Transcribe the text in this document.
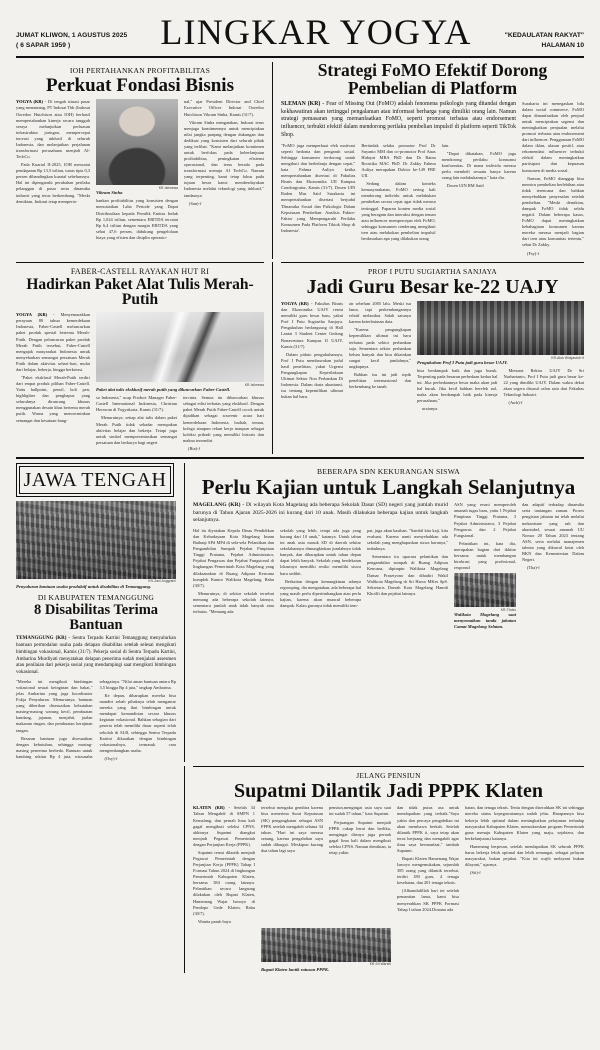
JUMAT KLIWON, 1 AGUSTUS 2025
( 6 SAPAR 1959 )	LINGKAR YOGYA	"KEDAULATAN RAKYAT"
HALAMAN 10
IOH PERTAHANKAN PROFITABILITAS
Perkuat Fondasi Bisnis

YOGYA (KR) - Di tengah situasi pasar yang menantang, PT Indosat Tbk (Indosat Ooredoo Hutchison atau IOH) berhasil mempertahankan kinerja secara tangguh seraya melanjutkan perluasan infrastruktur jaringan, mempercepat inovasi yang inklusif di seluruh Indonesia, dan melanjutkan perjalanan transformasi perusahaan menjadi AI-TechCo.

Pada Kuartal II-2025, IOH mencatat pendapatan Rp 13,5 triliun, turun tipis 0,3 persen dibandingkan kuartal sebelumnya. Hal ini dipengaruhi perubahan perilaku pelanggan di pasar serta dinamika industri yang terus berkembang. "Meski demikian, Indosat tetap memperta-

KR-Istimewa
Vikram Sinha

hankan profitabilitas yang konsisten dengan mencatatkan Laba Periode yang Dapat Distribusikan kepada Pemilik Entitas Induk Rp 1,024 triliun, sementara EBITDA tercatat Rp 6,4 triliun dengan margin EBITDA yang sehat 47,6 persen, didukung pengelolaan biaya yang efisien dan disiplin operasio-

nal," ujar President Director and Chief Executive Officer Indosat Ooredoo Hutchison Vikram Sinha, Kamis (31/7).

Vikram Sinha mengatakan, Indosat terus menjaga komitmennya untuk menciptakan nilai jangka panjang dengan dukungan dan dedikasi yang konsisten dari seluruh pihak yang terlibat. "Kami melanjutkan komitmen untuk berfokus pada keberlanjutan profitabilitas, peningkatan efisiensi operasional, dan terus berada pada transformasi menuju AI TechCo. Namun yang terpenting, kami tetap fokus pada tujuan besar kami: memberdayakan Indonesia melalui teknologi yang inklusif," tandasnya.

(San)-f

Strategi FoMO Efektif Dorong Pembelian di Platform
SLEMAN (KR) - Fear of Missing Out (FoMO) adalah fenomena psikologis yang ditandai dengan kekhawatiran akan tertinggal pengalaman atau informasi berharga yang dimiliki orang lain. Namun strategi pemasaran yang memanfaatkan FoMO, seperti promosi terbatas atau endorsement influencer, terbukti efektif dalam mendorong perilaku pembelian impulsif di platform seperti TikTok Shop.

"FoMO juga memperkuat efek motivasi seperti hedonia dan pengaruh sosial. Sehingga konsumen terdorong untuk mengikuti dan berbelanja dengan cepat," kata Fahma Auliya ketika mempertahankan disertasi di Fakultas Bisnis dan Ekonomika UII Kampus Condongcatur, Kamis (31/7). Dosen UIN Raden Mas Said Surakarta ini mempertahankan disertasi berjudul 'Dinamika Sosial dan Psikologis Dalam Keputusan Pembelian: Analisis Faktor-Faktor yang Mempengaruhi Perilaku Konsumen Pada Platform Tiktok Shop di Indonesia'.

Bertindak selaku promotor Prof Dr Suyanto MM dan co-promotor Prof Anas Hidayat MBA PhD dan Dr Ratna Roostika MAC PhD. Dr Zakky Fahma Auliya merupakan Doktor ke-149 FBE UII.

Sedang dalam konteks kemasyarakatan, FoMO sering kali mendorong individu untuk melakukan pembelian secara cepat agar tidak merasa tertinggal. Paparan konten media sosial yang beragam dan interaksi dengan teman atau influencer mempercepat efek FoMO, sehingga konsumen cenderung mengikuti tren atau melakukan pembelian impulsif berdasarkan apa yang dilakukan orang

lain.

"Dapat dikatakan, FoMO juga mendorong perilaku konsumsi konformitas. Di mana individu merasa perlu membeli sesuatu hanya karena orang lain melakukannya," kata dia.

Dosen UIN RM Said

Surakarta ini menegaskan bila dalam social commerce, FoMO dapat dimanfaatkan oleh penjual untuk menciptakan urgensi dan meningkatkan penjualan melalui promosi terbatas atau endorsement dari influencer. Penggunaan FoMO dalam iklan, ulasan positif, atau rekomendasi influencer terbukti efektif dalam meningkatkan partisipasi dan kepuasan konsumen di media sosial.

Namun, FoMO dianggap bisa memicu pembelian berlebihan atau tidak terencana dan bahkan menyebabkan penyesalan setelah pembelian. "Meski demikian, dampak FoMO tidak selalu negatif. Dalam beberapa kasus, FoMO dapat meningkatkan kebahagiaan konsumen karena mereka merasa menjadi bagian dari tren atau komunitas tertentu," sebut Dr Zakky.

(Fsy)-f

FABER-CASTELL RAYAKAN HUT RI
Hadirkan Paket Alat Tulis Merah-Putih

YOGYA (KR) - Menyemarakkan perayaan 80 tahun kemerdekaan Indonesia, Faber-Castell meluncurkan paket produk spesial bertema Merah-Putih. Dengan peluncuran paket produk Merah Putih tersebut, Faber-Castell mengajak masyarakat Indonesia untuk menyebarkan semangat persatuan Merah Putih dalam aktivitas sehari-hari, mulai dari belajar, bekerja, hingga berkreasi.

"Paket eksklusif Merah-Putih terdiri dari empat produk pilihan Faber-Castell. Yaitu ballpoint, pensil, boli pen, highlighter dan penghapus yang seluruhnya dirancang khusus menggunakan desain khas bertema merah putih. Warna yang mencerminkan semangat dan kesatuan bang-

KR-Istimewa
Paket alat tulis eksklusif merah putih yang diluncurkan Faber-Castell.

sa Indonesia," ucap Product Manager Faber-Castell International Indonesia, Christian Herawan di Yogyakarta, Kamis (31/7).

Menurutnya, setiap alat tulis dalam paket Merah Putih tidak sekadar merupakan aktivitas belajar dan bekerja. Tetapi juga untuk simbol mempresentasikan semangat persatuan dan berkarya bagi negeri

tercinta. Semua itu diluncurkan khusus sebagai edisi terbatas yang eksklusif. Dengan paket Merah Putih Faber-Castell cocok untuk dijadikan sebagai souvenir acara hari kemerdekaan Indonesia, hadiah, teman, kolega ataupun rekan kerja maupun sebagai koleksi pribadi yang memiliki historis dan makna tersendiri.

(Ria)-f

PROF I PUTU SUGIARTHA SANJAYA
Jadi Guru Besar ke-22 UAJY

YOGYA (KR) - Fakultas Bisnis dan Ekonomika UAJY resmi memiliki guru besar baru, yakni Prof I Putu Sugiartha Sanjaya. Pengukuhan berlangsung di Hall Lantai 3 Student Center Gedung Bonaventura Kampus II UAJY, Kamis (31/7).

Dalam pidato pengukuhannya, Prof I Putu membawakan judul hasil penelitian, yakni Urgensi Pengungkapan Keperilakuan Ultimat Sektor Non Perbankan Di Indonesia. Dalam duria akuntansi, isu tentang kepemilikan ultimat bukan hal baru.

air sebelum 2005 lalu. Meski isu lama, tapi perkembangannya relatif melambat. Salah satunya karena keterbatasan data.

"Karena pengungkapan kepemilikan ultimat ini baru terbatas pada sektor perbankan saja. Sementara sektor perbankan belum banyak dan bisa dikatakan sangat kecil jumlahnya," ungkapnya.

Bahkan isu ini jadi topik penelitian internasional dan berkembang ke tanah

KR-Atok Widyastuti H
Pengukuhan Prof I Putu jadi guru besar UAJY.

bisa berdampak baik dan juga buruk. Terpenting pada besaran perbedaan kedua hal ini. Jika perbedaannya besar maka akan jadi hal buruk. Jika kecil bahkan berefek nol, maka akan berdampak baik pada kinerja perusahaan,"

uraianya.

Menurut Rektor UAJY Dr Sri Nurhartanto, Prof I Putu jadi guru besar ke-22 yang dimiliki UAJY. Dalam waktu dekat akan segera disusul calon satu dari Fakultas Teknologi Industri.

(Awh)-f

JAWA TENGAH
KR-Zani Anggraini
Penyaluran bantuan usaha produktif untuk disabilitas di Temanggung.
DI KABUPATEN TEMANGGUNG
8 Disabilitas Terima Bantuan
TEMANGGUNG (KR) - Sentra Terpadu Kartini Temanggung menyalurkan bantuan permodalan usaha pada delapan disabilitas setelah selesai mengikuti bimbingan vokasional, Kamis (31/7). Pekerja sosial di Sentra Terpadu Kartini, Ambarina Murdiyati menyatakan delapan penerima sudah menjalani assesmen atau penilaian dari pekerja sosial yang mendampingi saat mengikuti bimbingan vokasional.

"Mereka ini mengikuti bimbingan vokasional sesuai keinginan dan bakat," jelas Ambarina yang juga koordinator Fokja Penyaluran. Menurutnya, bantuan yang diberikan disesuaikan kebutuhan masing-masing warung kecil, pembuatan kandang, jajanan, menjahit, jualan makanan ringan, dan pembuatan kerajinan tangan.

Besaran bantuan juga disesuaikan dengan kebutuhan, sehingga masing-masing penerima berbeda. Bantuan untuk kambing sekitar Rp 4 juta, wirausaha sebagainya. "Nilai aman bantuan antara Rp 3,5 hingga Rp 4 juta," ungkap Ambarina.

Ke depan, diharapkan mereka bisa mandiri sebab pihaknya telah mengantar mereka yang ikut bimbingan untuk mendapat kemandirian secara khusus kegiatan vokasional. Bahkan sebagian dari peserta telah memiliki dasar seperti telah sekolah di SLB, sehingga Sentra Terpadu Kartini dikuatkan dengan bimbingan vokasionalnya, termasuk cara mengembangkan usaha.

(Osy)-f

BEBERAPA SDN KEKURANGAN SISWA
Perlu Kajian untuk Langkah Selanjutnya
MAGELANG (KR) - Di wilayah Kota Magelang ada beberapa Sekolah Dasar (SD) negeri yang jumlah murid barunya di Tahun Ajaran 2025-2026 ini kurang dari 10 anak. Masih dilakukan beberapa kajian untuk langkah selanjutnya.

Hal itu diyatakan Kepala Dinas Pendidikan dan Kebudayaan Kota Magelang Imam Baihaqi SPd MPd di sela-sela Pelantikan dan Pengambilan Sumpah Pejabat Pimpinan Tinggi Pratama, Pejabat Administrator, Pejabat Pengawas dan Pejabat Fungsional di lingkungan Pemerintah Kota Magelang yang dilaksanakan di Ruang Adipura Kencana komplek Kantor Walikota Magelang, Rabu (30/7).

Menurutnya, di sekitar sekolah tersebut memang ada beberapa sekolah lainnya, sementara jumlah anak tidak banyak atau terbatas. "Memang ada

sekolah yang lebih, tetapi ada juga yang kurang dari 10 anak," katanya. Untuk tahun ini anak usia masuk SD di daerah sekitar sekolahannya dimungkinkan jumlahnya tidak banyak, dan diharapkan untuk tahun depan dapat lebih banyak. Sekolah yang berdekatan lokasinya memiliki resiko memiliki siswa baru sedikit.

Berkaitan dengan kemungkinan adanya regrouping, dia mengatakan, ada beberapa hal yang masih perlu dipertimbangkan atau perlu kajian, karena akan muncul beberapa dampak. Kalau gurunya tidak memiliki tem-

pat, juga akan kasihan. "Sambil kita kaji, kita evaluasi. Karena nanti menyebabkan ada sekolah yang menghapuskan siswa barunya," imbuhnya.

Sementara itu upacara pelantikan dan pengambilan sumpah di Ruang Adipura Kencana, dipimpin Walikota Magelang Damar Prasetyono dan dihadiri Wakil Walikota Magelang dr Sri Harso MKes SpS. Sekretaris Daerah Kota Magelang Hamdi Khoilfi dan pejabat lainnya.

ASN yang resmi memperoleh amanah tugas baru, yaitu 1 Pejabat Pimpinan Tinggi Pratama, 3 Pejabat Administrator, 3 Pejabat Pengawas dan 2 Pejabat Fungsional.

Pelantikan ini, kata dia, merupakan bagian dari ikhtiar bersama untuk membangun birokrasi yang profesional, responsif

KR-Thotis
Walikota Magelang saat menyematkan tanda jabatan Camat Magelang Selatan.

dan adaptif terhadap dinamika serta tantangan zaman. Proses pengisian jabatan ini telah melalui mekanisme yang sah dan akuntabel, sesuai amanah UU Nomor 20 Tahun 2023 tentang ASN, serta melalui manajemen talenta yang dikawal ketat oleh BKN dan Kementerian Dalam Negeri.

(Tha)-f

JELANG PENSIUN
Supatmi Dilantik Jadi PPPK Klaten

KLATEN (KR) - Setelah 34 Tahun Mengabdi di SMPN 1 Kemalang, dan pernah lima kali gagal mengikuti seleksi CPNS, akhirnya Supatmi diangkat menjadi Pegawai Pemerintah dengan Perjanjian Kerja (PPPK).

Supatmi resmi dilantik menjadi Pegawai Pemerintah dengan Perjanjian Kerja (PPPK) Tahap I Formasi Tahun 2024 di lingkungan Pemerintah Kabupaten Klaten, bersama 384 orang lainnya. Pelantikan secara langsung dilakukan oleh Bupati Klaten, Hamenang Wajar Ismoyo di Pendopo Gede Klaten, Rabu (30/7).

Wanita paruh baya

tersebut mengaku gembira karena bisa menerima Surat Keputusan (SK) pengangkatan sebagai ASN PPPK setelah mengabdi selama 34 tahun. "Hari ini saya merasa senang, karena pengabdian saya sudah dihargai. Meskipun kurang dua tahun lagi saya

pensiun,mengingat usia saya saat ini sudah 57 tahun," kata Supatmi.

Perjuangan Supatmi menjadi PPPK cukup berat dan berliku, mengingat dirinya juga pernah gagal lima kali dalam mengikuti seleksi CPNS. Namun demikian, ia tetap yakin

dan tidak putus asa untuk mendapatkan yang terbaik."Saya yakin dan percaya pengabdian ini akan membawa berkah. Setelah dilantik PPPK ii, saya tetap akan terus berjuang dan mengabdi agar ilmu saya bermanfaat," tambah Supatmi.

Bupati Klaten Hamenang Wajar Ismoyo mengemukakan, sejumlah 385 orang yang dilantik tersebut, terdiri 180 guru, 4 tenaga kesehatan, dan 201 tenaga teknis.

(Alhamdulillah hari ini setelah pemantian lama, kami bisa menyerahkan SK PPPK Formasi Tahap I tahun 2024.Dimana ada

hatan, dan tenaga teknis. Tentu dengan diserahkan SK ini sehingga mereka status kepegawaiannya sudah jelas. Harapannya bisa bekerja lebih optimal dalam meningkatkan pelayanan terhadap masyarakat Kabupaten Klaten, mensukseskan program Pemerintah guna menuju Kabupaten Klaten yang maju, sejahtera, dan berkelanjutan,i katanya.

Hamenang berpesan, setelah mendapatkan SK seluruh PPPK harus bekerja lebih optimal dan lebih semangat, sebagai pelayan masyarakat, bukan pejabat. "Kita ini wajib melayani bukan dilayani," ujarnya.

(Sit)-f

KR-Sri Warsiti
Bupati Klaten lantik ratusan PPPK.
